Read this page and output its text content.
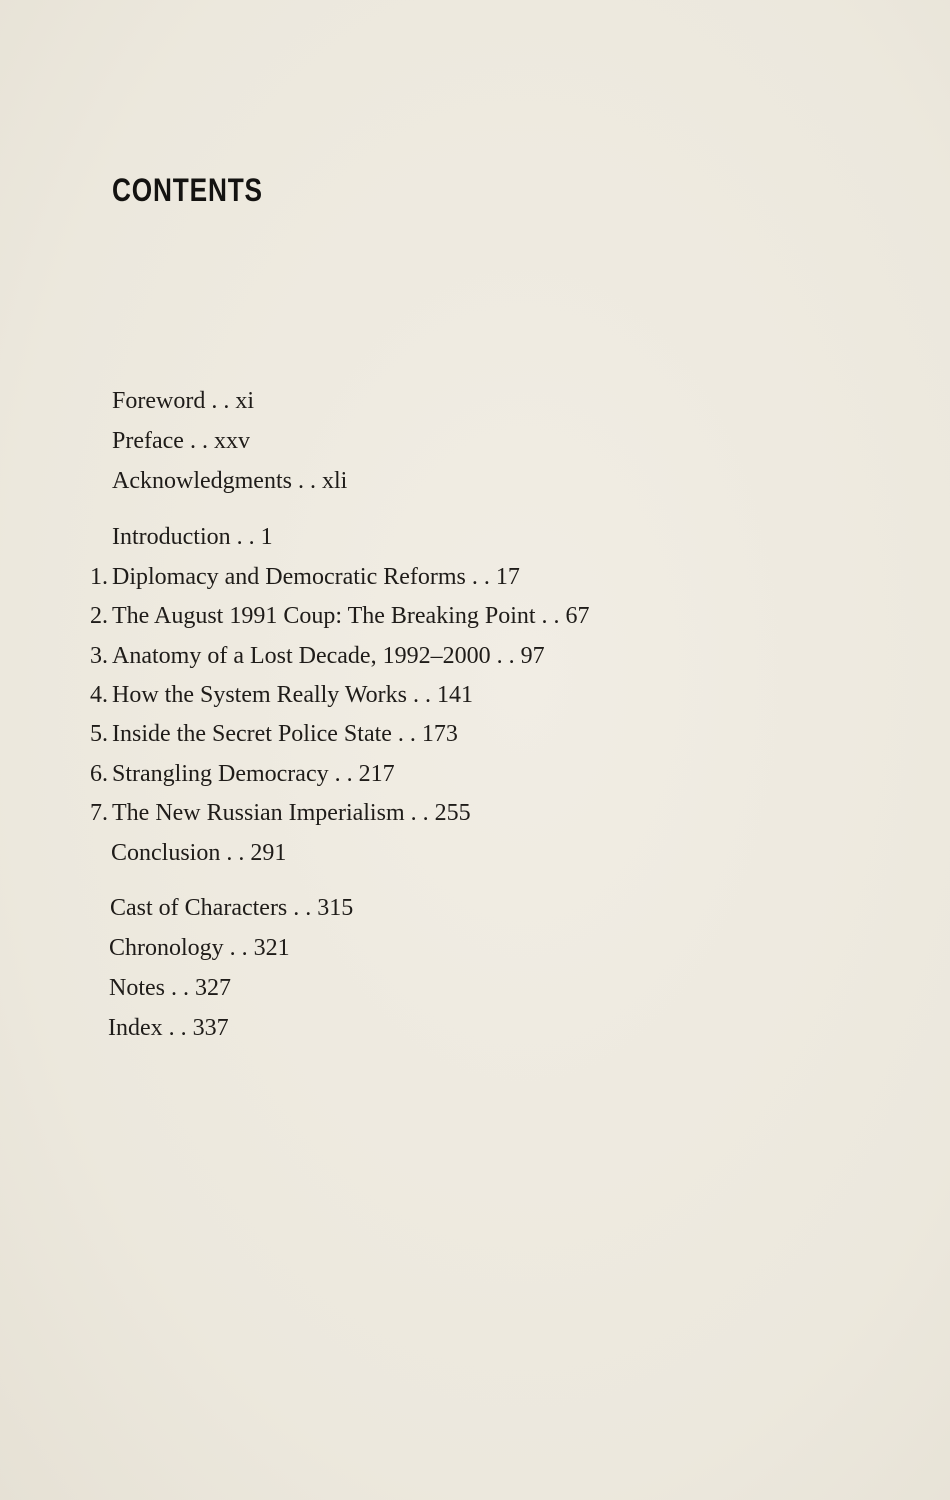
CONTENTS
Foreword . . xi
Preface . . xxv
Acknowledgments . . xli
Introduction . . 1
1. Diplomacy and Democratic Reforms . . 17
2. The August 1991 Coup: The Breaking Point . . 67
3. Anatomy of a Lost Decade, 1992–2000 . . 97
4. How the System Really Works . . 141
5. Inside the Secret Police State . . 173
6. Strangling Democracy . . 217
7. The New Russian Imperialism . . 255
Conclusion . . 291
Cast of Characters . . 315
Chronology . . 321
Notes . . 327
Index . . 337
